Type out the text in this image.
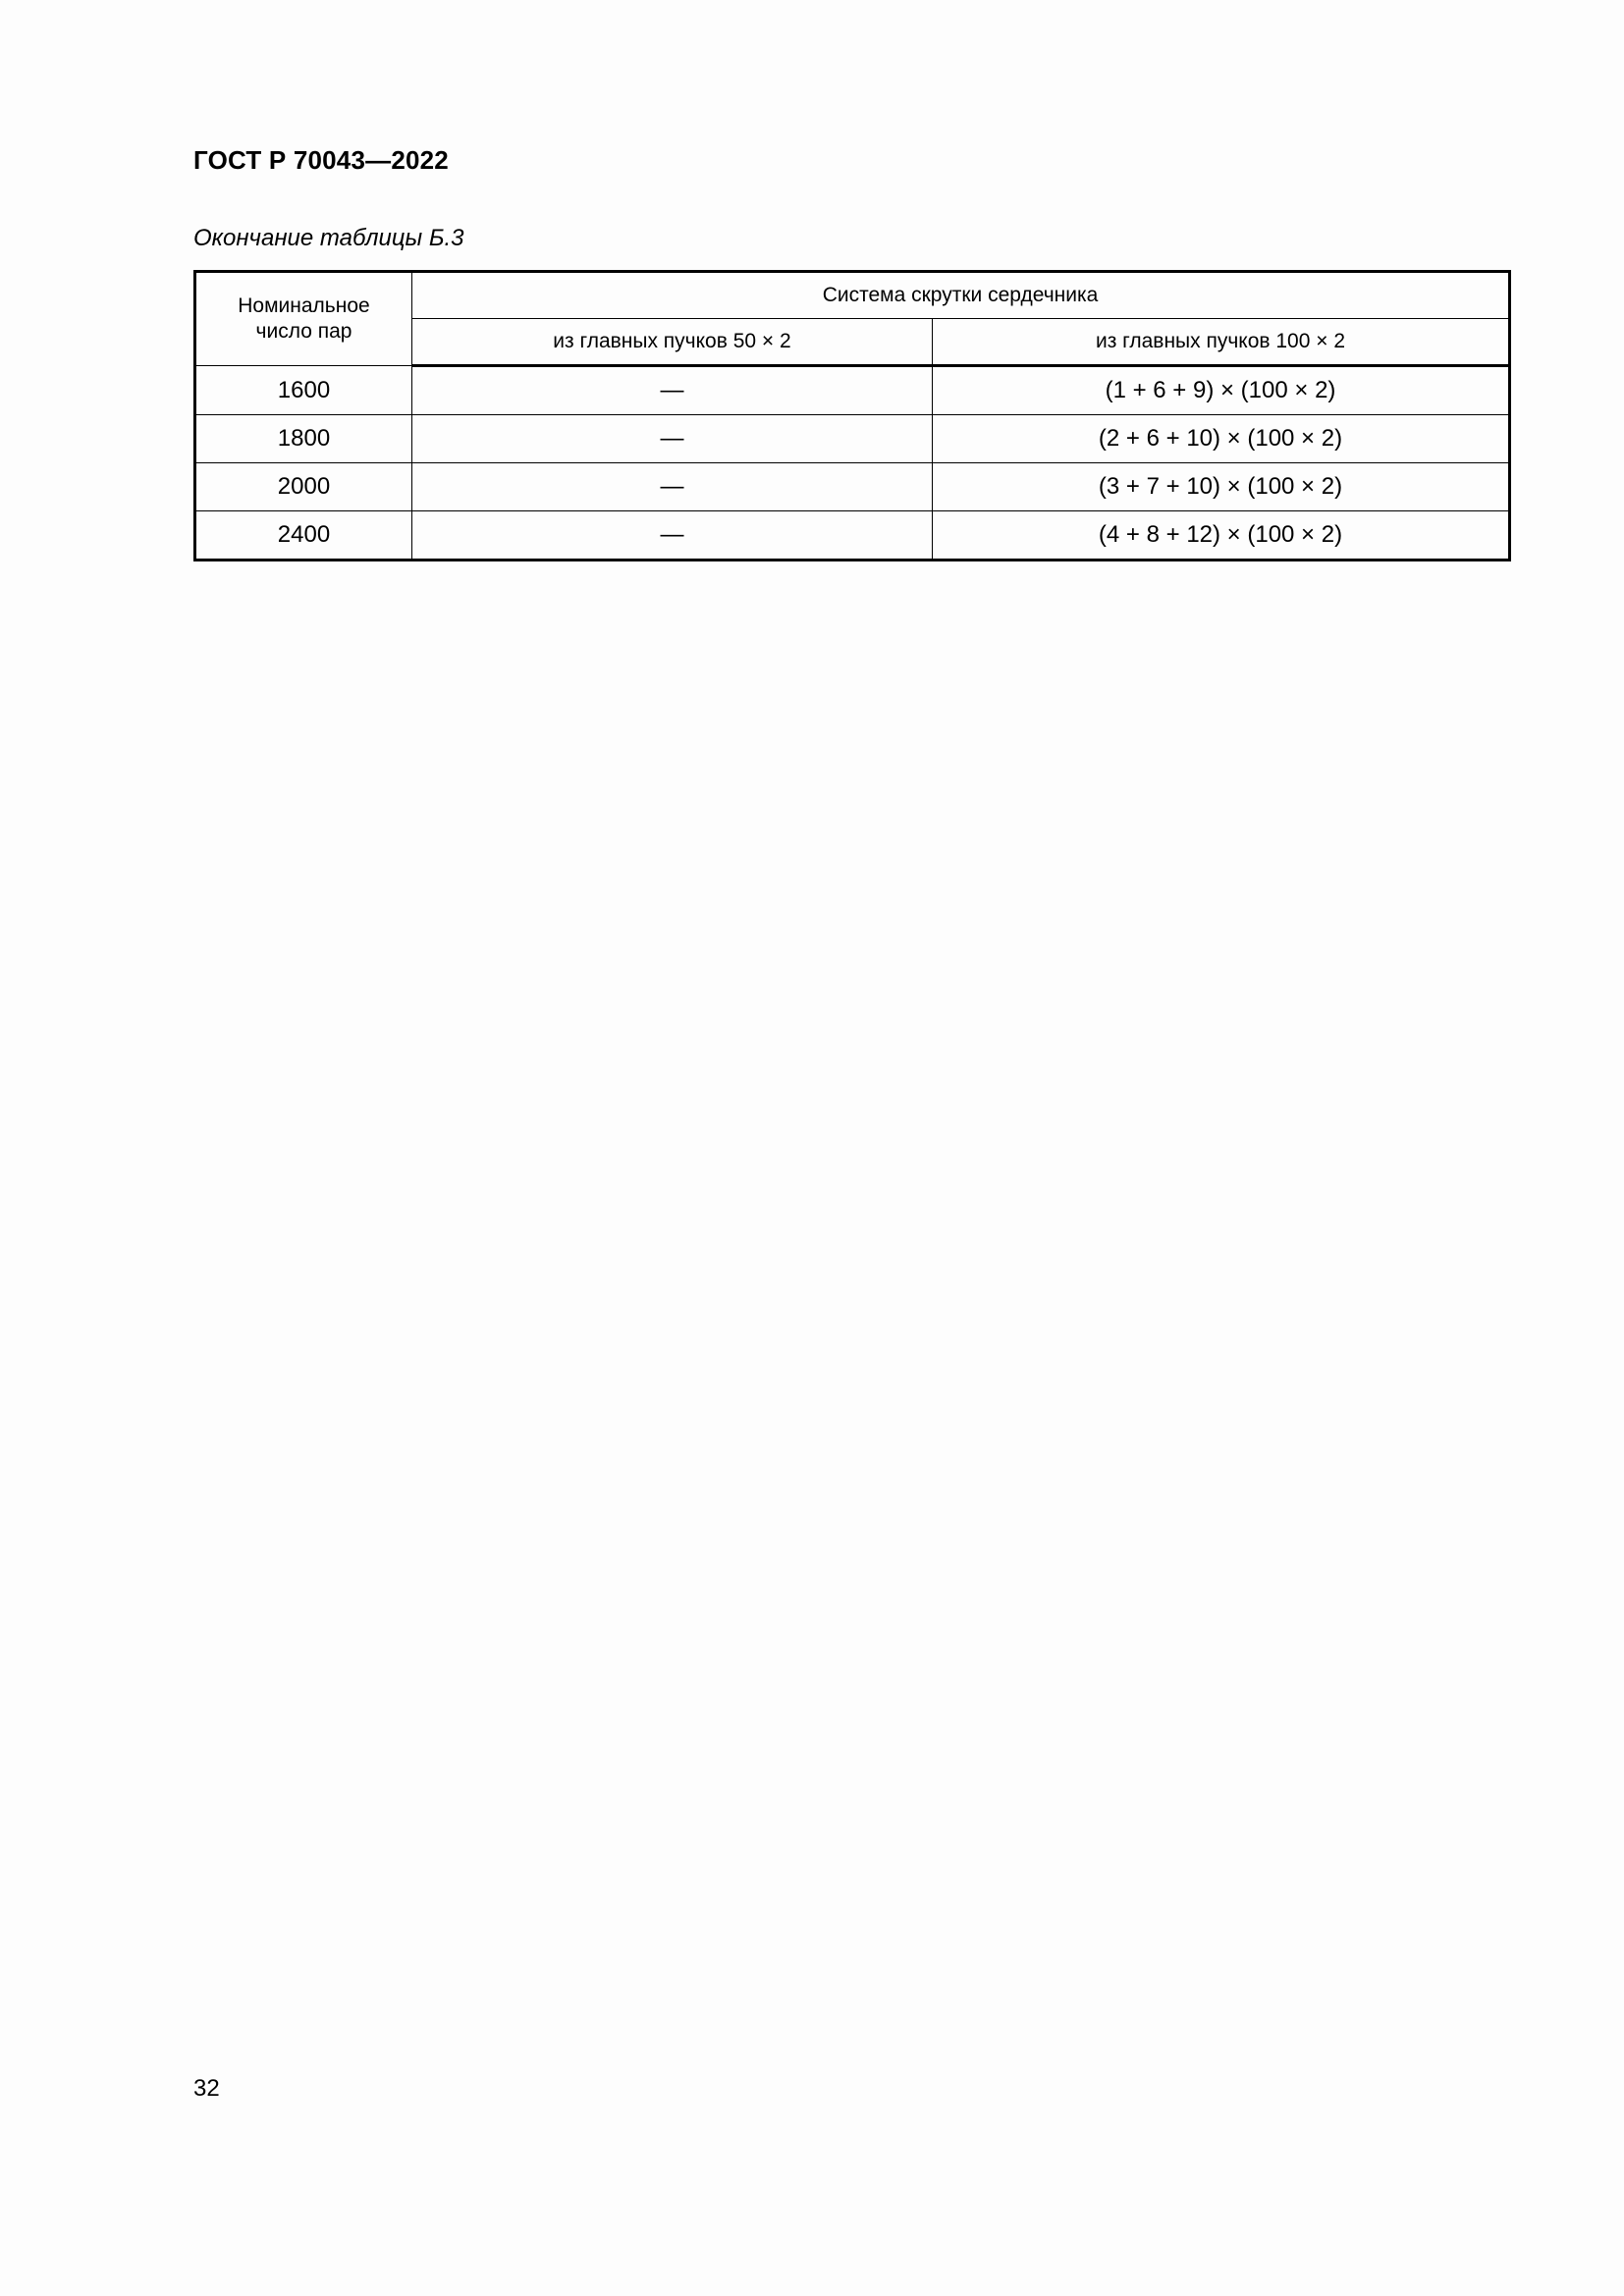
ГОСТ Р 70043—2022
Окончание таблицы Б.3
Номинальное
число пар	Система скрутки сердечника	
	из главных пучков 50 × 2	из главных пучков 100 × 2
1600	—	(1 + 6 + 9) × (100 × 2)
1800	—	(2 + 6 + 10) × (100 × 2)
2000	—	(3 + 7 + 10) × (100 × 2)
2400	—	(4 + 8 + 12) × (100 × 2)
32
